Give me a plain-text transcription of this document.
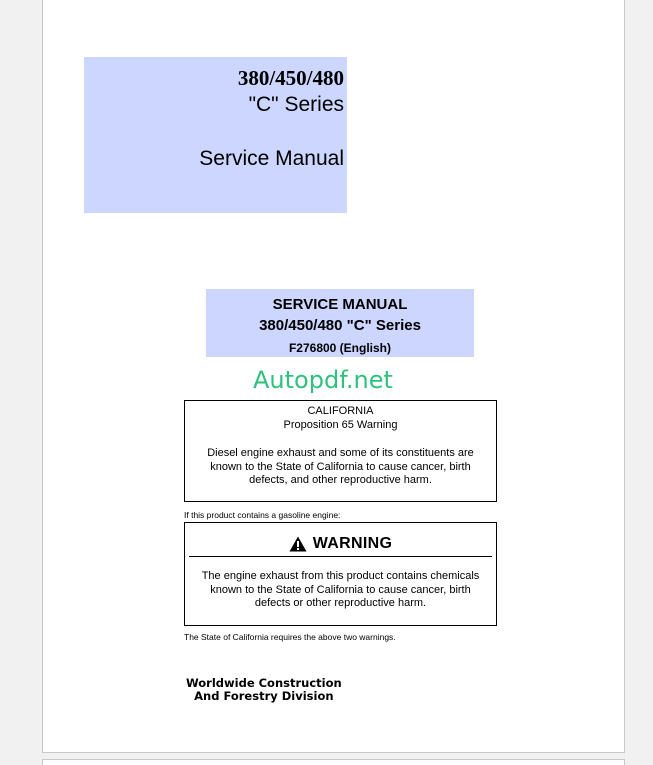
380/450/480
"C" Series
Service Manual
SERVICE MANUAL
380/450/480 "C" Series
F276800 (English)
Autopdf.net
CALIFORNIA
Proposition 65 Warning
Diesel engine exhaust and some of its constituents are known to the State of California to cause cancer, birth defects, and other reproductive harm.
If this product contains a gasoline engine:
WARNING
The engine exhaust from this product contains chemicals known to the State of California to cause cancer, birth defects or other reproductive harm.
The State of California requires the above two warnings.
Worldwide Construction
And Forestry Division
